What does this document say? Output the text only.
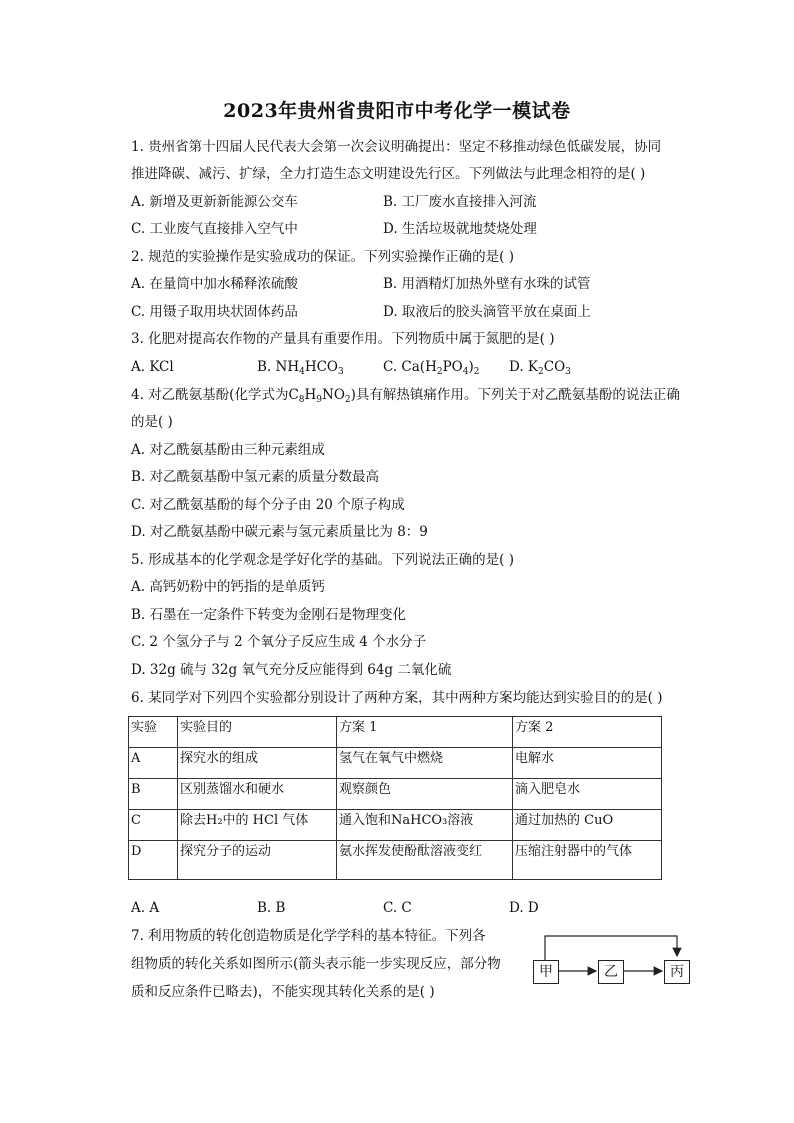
2023年贵州省贵阳市中考化学一模试卷
1. 贵州省第十四届人民代表大会第一次会议明确提出：坚定不移推动绿色低碳发展，协同
推进降碳、减污、扩绿，全力打造生态文明建设先行区。下列做法与此理念相符的是( )
A. 新增及更新新能源公交车	B. 工厂废水直接排入河流
C. 工业废气直接排入空气中	D. 生活垃圾就地焚烧处理
2. 规范的实验操作是实验成功的保证。下列实验操作正确的是( )
A. 在量筒中加水稀释浓硫酸	B. 用酒精灯加热外壁有水珠的试管
C. 用镊子取用块状固体药品	D. 取液后的胶头滴管平放在桌面上
3. 化肥对提高农作物的产量具有重要作用。下列物质中属于氮肥的是( )
A. KCl	B. $NH_4HCO_3$	C. $Ca(H_2PO_4)_2$ D. $K_2CO_3$
4. 对乙酰氨基酚(化学式为$C_8H_9NO_2$)具有解热镇痛作用。下列关于对乙酰氨基酚的说法正确
的是( )
A. 对乙酰氨基酚由三种元素组成
B. 对乙酰氨基酚中氢元素的质量分数最高
C. 对乙酰氨基酚的每个分子由 20 个原子构成
D. 对乙酰氨基酚中碳元素与氢元素质量比为 8：9
5. 形成基本的化学观念是学好化学的基础。下列说法正确的是( )
A. 高钙奶粉中的钙指的是单质钙
B. 石墨在一定条件下转变为金刚石是物理变化
C. 2 个氢分子与 2 个氧分子反应生成 4 个水分子
D. 32g 硫与 32g 氧气充分反应能得到 64g 二氧化硫
6. 某同学对下列四个实验都分别设计了两种方案，其中两种方案均能达到实验目的的是( )
实验	实验目的	方案 1	方案 2
A	探究水的组成	氢气在氧气中燃烧	电解水
B	区别蒸馏水和硬水	观察颜色	滴入肥皂水
C	除去H₂中的 HCl 气体	通入饱和NaHCO₃溶液	通过加热的 CuO
D	探究分子的运动	氨水挥发使酚酞溶液变红	压缩注射器中的气体
A. A	B. B	C. C	D. D
7. 利用物质的转化创造物质是化学学科的基本特征。下列各
组物质的转化关系如图所示(箭头表示能一步实现反应，部分物
质和反应条件已略去)，不能实现其转化关系的是( )
甲	乙	丙
